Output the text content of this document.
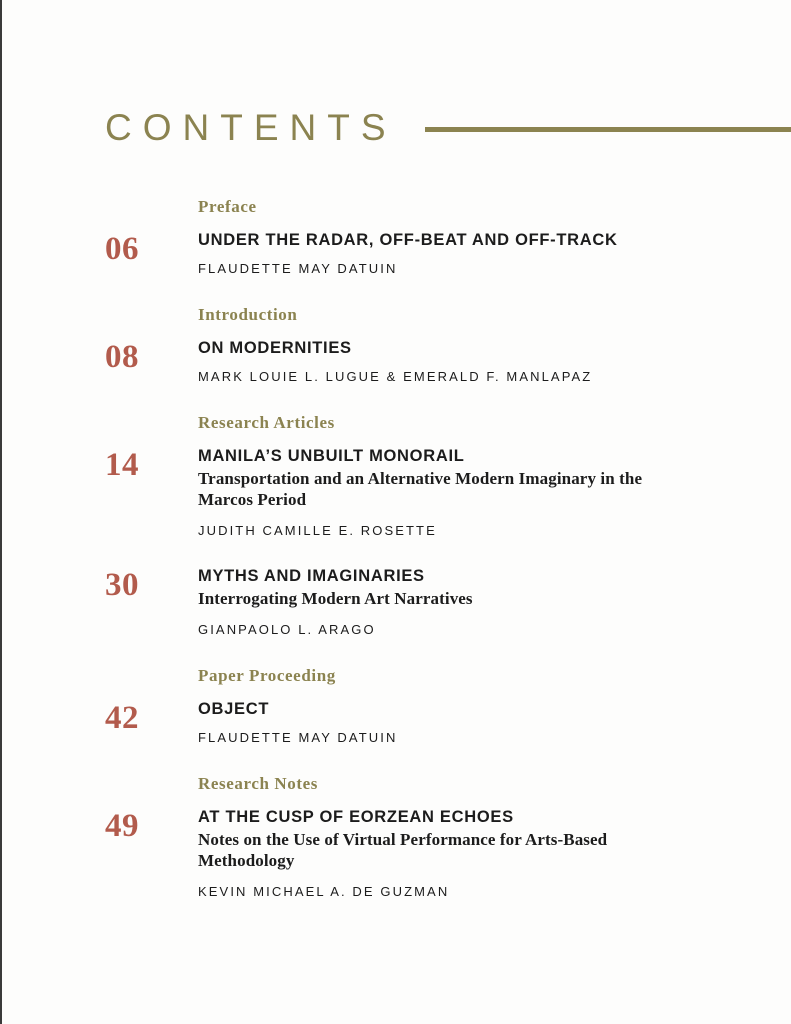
CONTENTS
Preface
06	UNDER THE RADAR, OFF-BEAT AND OFF-TRACK
FLAUDETTE MAY DATUIN
Introduction
08	ON MODERNITIES
MARK LOUIE L. LUGUE & EMERALD F. MANLAPAZ
Research Articles
14	MANILA’S UNBUILT MONORAIL
Transportation and an Alternative Modern Imaginary in the Marcos Period
JUDITH CAMILLE E. ROSETTE
30	MYTHS AND IMAGINARIES
Interrogating Modern Art Narratives
GIANPAOLO L. ARAGO
Paper Proceeding
42	OBJECT
FLAUDETTE MAY DATUIN
Research Notes
49	AT THE CUSP OF EORZEAN ECHOES
Notes on the Use of Virtual Performance for Arts-Based Methodology
KEVIN MICHAEL A. DE GUZMAN
